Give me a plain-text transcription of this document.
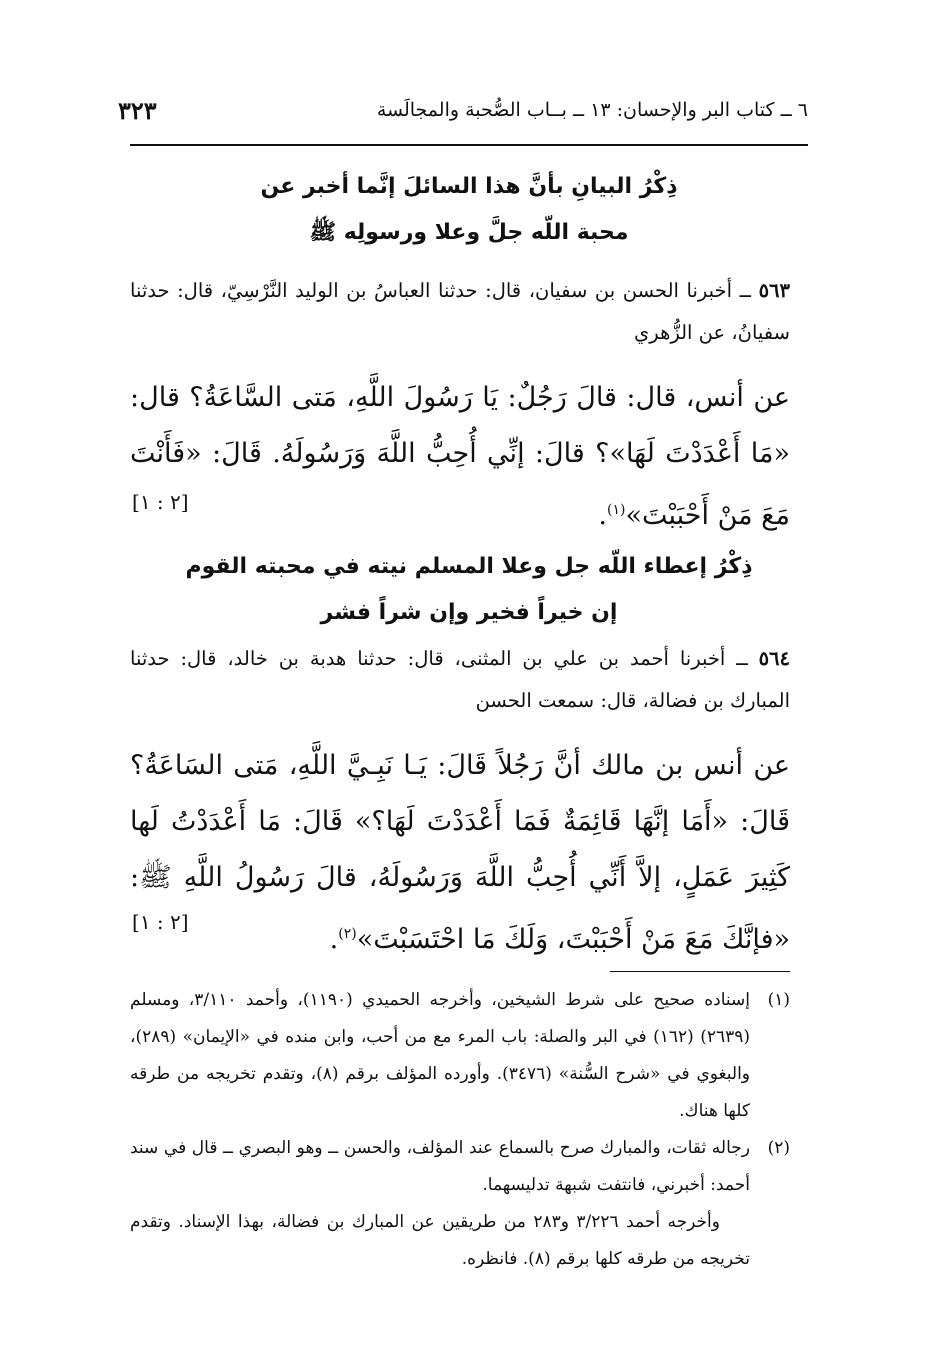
٦ ــ كتاب البر والإحسان: ١٣ ــ بــاب الصُّحبة والمجالَسة
٣٢٣
ذِكْرُ البيانِ بأنَّ هذا السائلَ إنَّما أخبر عن
محبة اللّه جلَّ وعلا ورسولِه ﷺ
٥٦٣ ــ أخبرنا الحسن بن سفيان، قال: حدثنا العباسُ بن الوليد النَّرْسِيّ، قال: حدثنا سفيانُ، عن الزُّهري
عن أنس، قال: قالَ رَجُلٌ: يَا رَسُولَ اللَّهِ، مَتى السَّاعَةُ؟ قال: «مَا أَعْدَدْتَ لَهَا»؟ قالَ: إنِّي أُحِبُّ اللَّهَ وَرَسُولَهُ. قَالَ: «فَأَنْتَ مَعَ مَنْ أَحْبَبْتَ»$^{(١)}$.
[٢ : ١]
ذِكْرُ إعطاء اللّه جل وعلا المسلم نيته في محبته القوم
إن خيراً فخير وإن شراً فشر
٥٦٤ ــ أخبرنا أحمد بن علي بن المثنى، قال: حدثنا هدبة بن خالد، قال: حدثنا المبارك بن فضالة، قال: سمعت الحسن
عن أنس بن مالك أنَّ رَجُلاً قَالَ: يَـا نَبِـيَّ اللَّهِ، مَتى السَاعَةُ؟ قَالَ: «أَمَا إنَّهَا قَائِمَةٌ فَمَا أَعْدَدْتَ لَهَا؟» قَالَ: مَا أَعْدَدْتُ لَها كَثِيرَ عَمَلٍ، إلاَّ أَنِّي أُحِبُّ اللَّهَ وَرَسُولَهُ، قالَ رَسُولُ اللَّهِ ﷺ: «فإنَّكَ مَعَ مَنْ أَحْبَبْتَ، وَلَكَ مَا احْتَسَبْتَ»$^{(٢)}$.
[٢ : ١]
(١)
إسناده صحيح على شرط الشيخين، وأخرجه الحميدي (١١٩٠)، وأحمد ٣/١١٠، ومسلم (٢٦٣٩) (١٦٢) في البر والصلة: باب المرء مع من أحب، وابن منده في «الإيمان» (٢٨٩)، والبغوي في «شرح السُّنة» (٣٤٧٦). وأورده المؤلف برقم (٨)، وتقدم تخريجه من طرقه كلها هناك.
(٢)
رجاله ثقات، والمبارك صرح بالسماع عند المؤلف، والحسن ــ وهو البصري ــ قال في سند أحمد: أخبرني، فانتفت شبهة تدليسهما.
وأخرجه أحمد ٣/٢٢٦ و٢٨٣ من طريقين عن المبارك بن فضالة، بهذا الإسناد. وتقدم تخريجه من طرقه كلها برقم (٨). فانظره.
